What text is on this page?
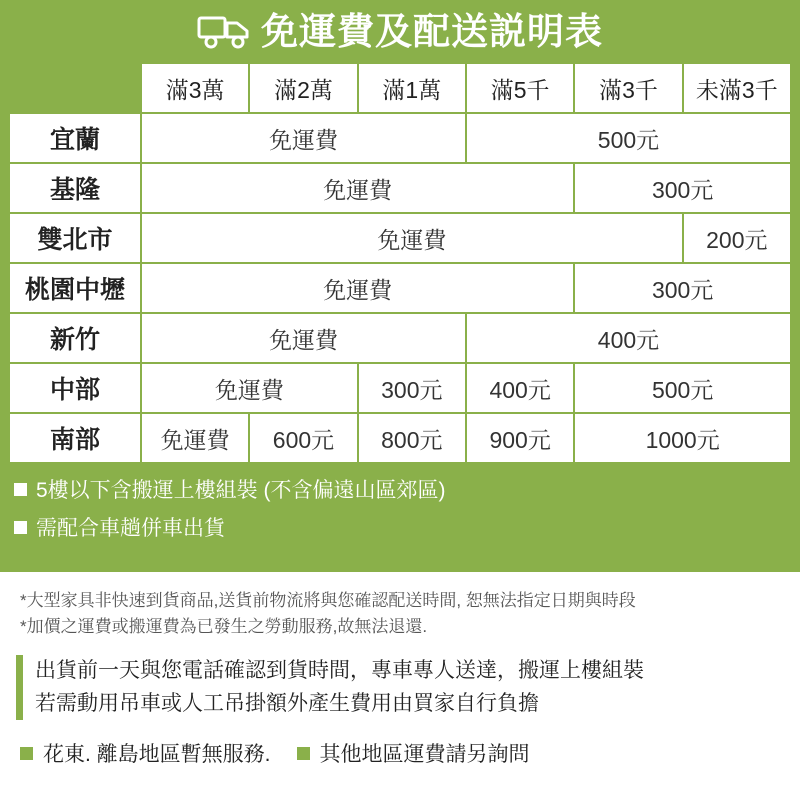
免運費及配送説明表
	滿3萬	滿2萬	滿1萬	滿5千	滿3千	未滿3千
宜蘭	免運費			500元		
基隆	免運費				300元	
雙北市	免運費					200元
桃園中壢	免運費				300元	
新竹	免運費			400元		
中部	免運費		300元	400元	500元	
南部	免運費	600元	800元	900元	1000元	
5樓以下含搬運上樓組裝 (不含偏遠山區郊區)
需配合車趟併車出貨
*大型家具非快速到貨商品,送貨前物流將與您確認配送時間, 恕無法指定日期與時段
*加價之運費或搬運費為已發生之勞動服務,故無法退還.
出貨前一天與您電話確認到貨時間，專車專人送達，搬運上樓組裝
若需動用吊車或人工吊掛額外產生費用由買家自行負擔
花東. 離島地區暫無服務. 其他地區運費請另詢問
